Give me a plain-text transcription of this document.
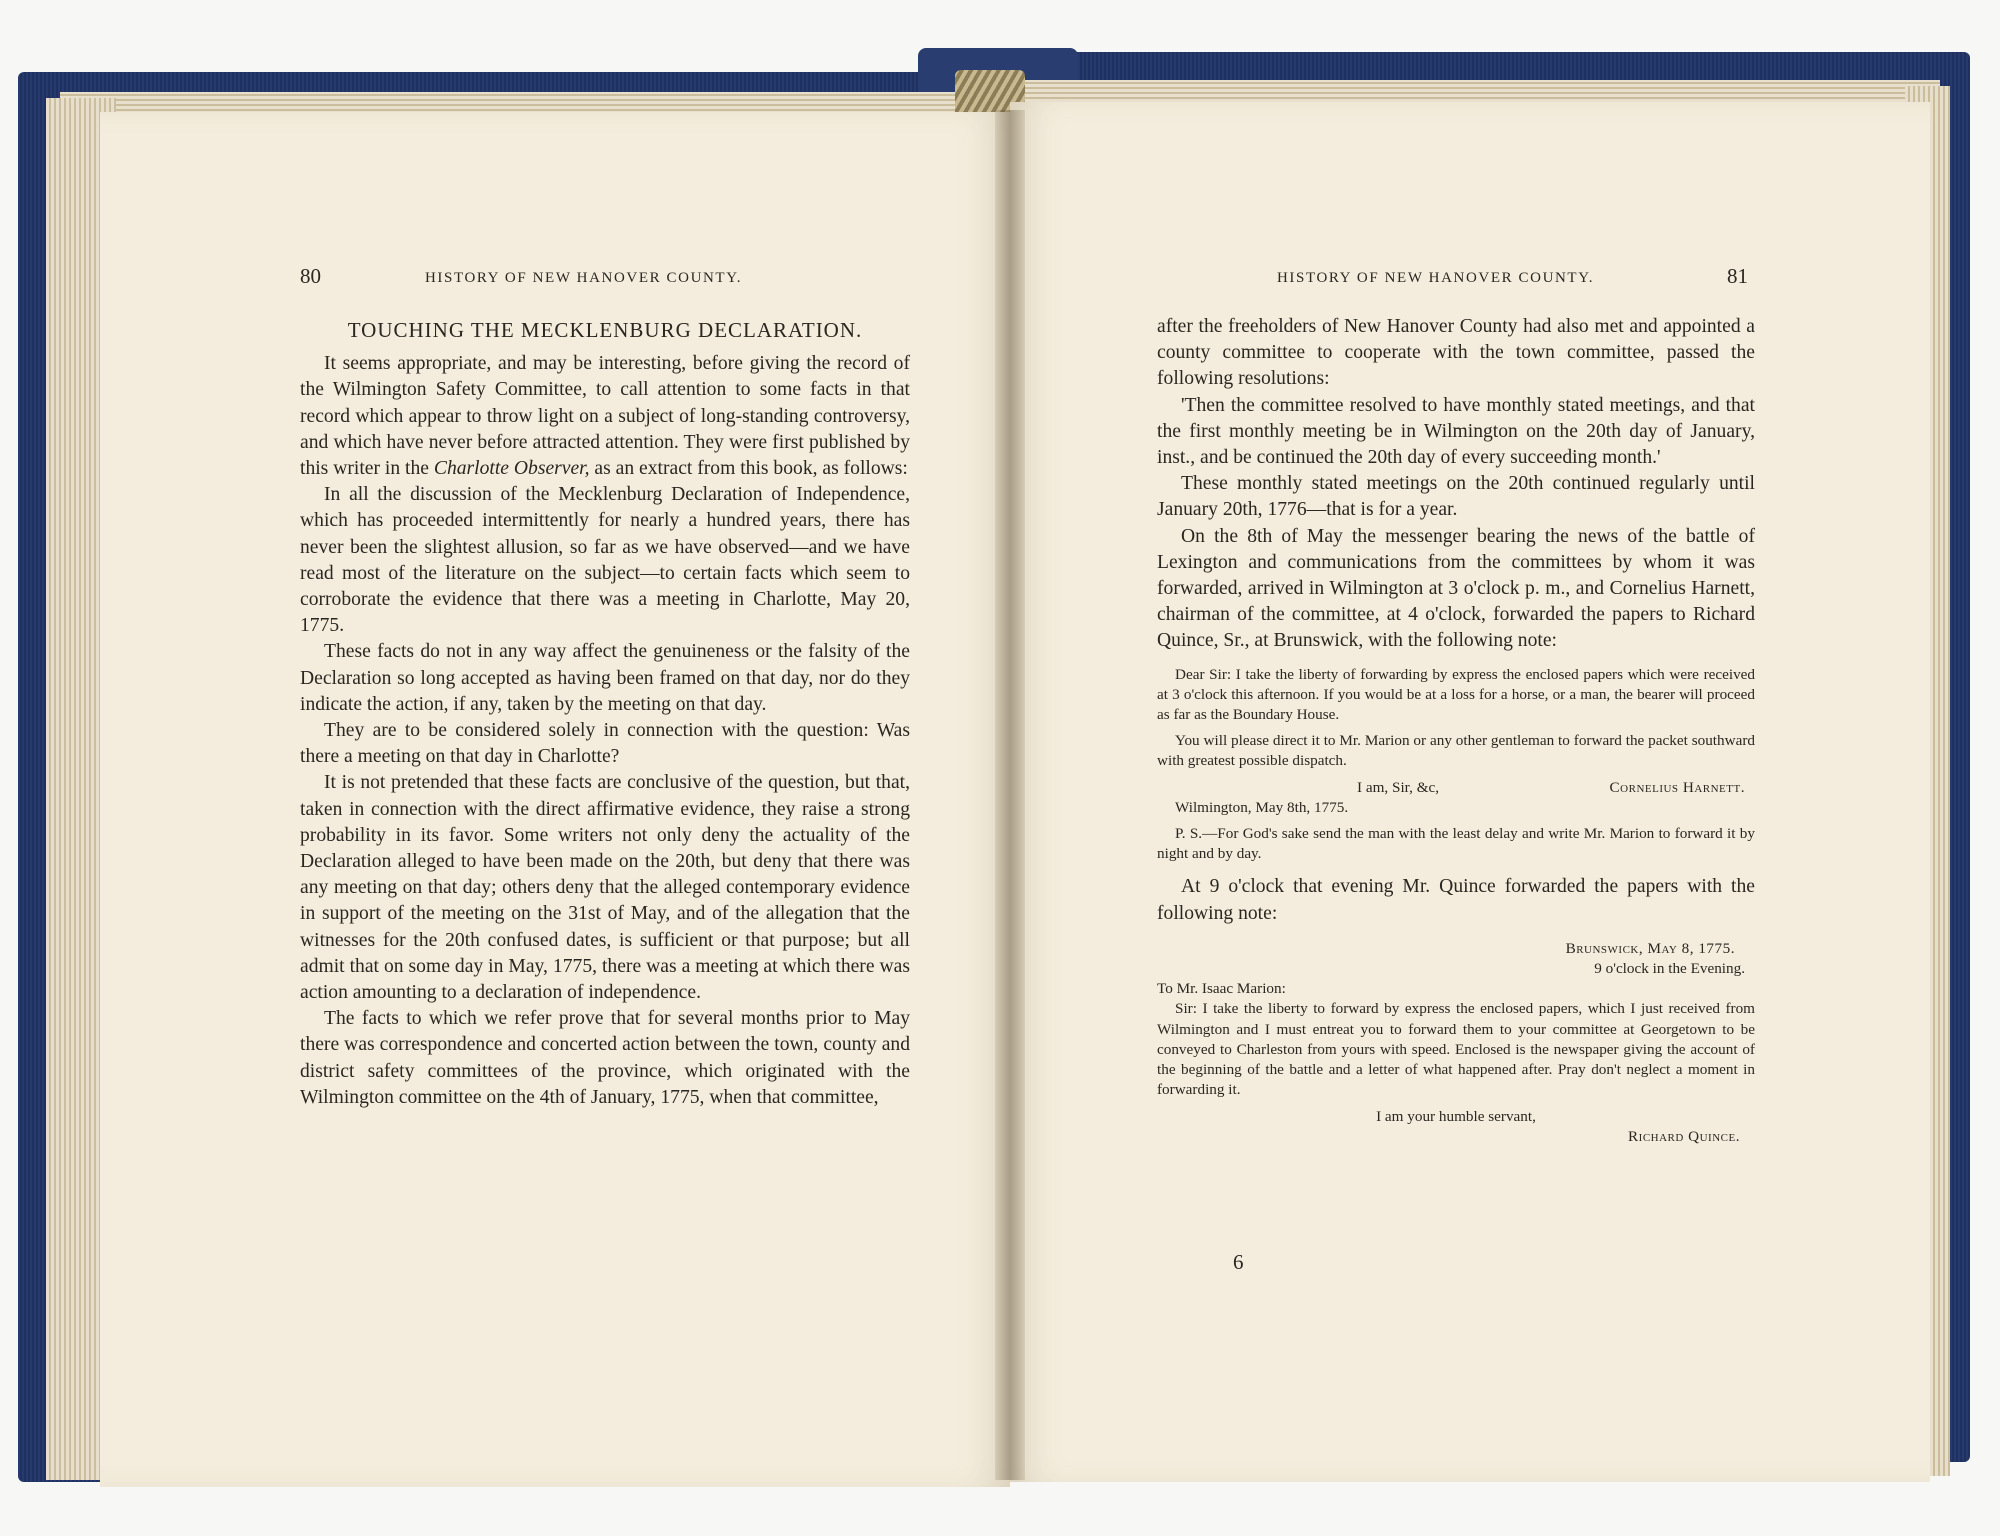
80	HISTORY OF NEW HANOVER COUNTY.
TOUCHING THE MECKLENBURG DECLARATION.

It seems appropriate, and may be interesting, before giving the record of the Wilmington Safety Committee, to call attention to some facts in that record which appear to throw light on a subject of long-standing controversy, and which have never before attracted attention. They were first published by this writer in the Charlotte Observer, as an extract from this book, as follows:

In all the discussion of the Mecklenburg Declaration of Independence, which has proceeded intermittently for nearly a hundred years, there has never been the slightest allusion, so far as we have observed—and we have read most of the literature on the subject—to certain facts which seem to corroborate the evidence that there was a meeting in Charlotte, May 20, 1775.

These facts do not in any way affect the genuineness or the falsity of the Declaration so long accepted as having been framed on that day, nor do they indicate the action, if any, taken by the meeting on that day.

They are to be considered solely in connection with the question: Was there a meeting on that day in Charlotte?

It is not pretended that these facts are conclusive of the question, but that, taken in connection with the direct affirmative evidence, they raise a strong probability in its favor. Some writers not only deny the actuality of the Declaration alleged to have been made on the 20th, but deny that there was any meeting on that day; others deny that the alleged contemporary evidence in support of the meeting on the 31st of May, and of the allegation that the witnesses for the 20th confused dates, is sufficient or that purpose; but all admit that on some day in May, 1775, there was a meeting at which there was action amounting to a declaration of independence.

The facts to which we refer prove that for several months prior to May there was correspondence and concerted action between the town, county and district safety committees of the province, which originated with the Wilmington committee on the 4th of January, 1775, when that committee,

HISTORY OF NEW HANOVER COUNTY.	81

after the freeholders of New Hanover County had also met and appointed a county committee to cooperate with the town committee, passed the following resolutions:

'Then the committee resolved to have monthly stated meetings, and that the first monthly meeting be in Wilmington on the 20th day of January, inst., and be continued the 20th day of every succeeding month.'

These monthly stated meetings on the 20th continued regularly until January 20th, 1776—that is for a year.

On the 8th of May the messenger bearing the news of the battle of Lexington and communications from the committees by whom it was forwarded, arrived in Wilmington at 3 o'clock p. m., and Cornelius Harnett, chairman of the committee, at 4 o'clock, forwarded the papers to Richard Quince, Sr., at Brunswick, with the following note:

Dear Sir: I take the liberty of forwarding by express the enclosed papers which were received at 3 o'clock this afternoon. If you would be at a loss for a horse, or a man, the bearer will proceed as far as the Boundary House.

You will please direct it to Mr. Marion or any other gentleman to forward the packet southward with greatest possible dispatch.

I am, Sir, &c,	Cornelius Harnett.

Wilmington, May 8th, 1775.

P. S.—For God's sake send the man with the least delay and write Mr. Marion to forward it by night and by day.

At 9 o'clock that evening Mr. Quince forwarded the papers with the following note:

Brunswick, May 8, 1775.
9 o'clock in the Evening.
To Mr. Isaac Marion:

Sir: I take the liberty to forward by express the enclosed papers, which I just received from Wilmington and I must entreat you to forward them to your committee at Georgetown to be conveyed to Charleston from yours with speed. Enclosed is the newspaper giving the account of the beginning of the battle and a letter of what happened after. Pray don't neglect a moment in forwarding it.

I am your humble servant,
Richard Quince.
6
